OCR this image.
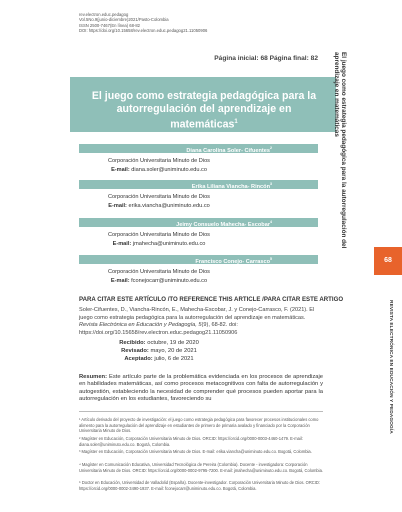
rev.electron.educ.pedagog
Vol.5No.9(junio-diciembre)2021/Pasto-Colombia
ISSN 2500-7467(En línea) 68-82
DOI: https://doi.org/10.15658/rev.electron.educ.pedagog21.11050906
Página inicial: 68 Página final: 82
El juego como estrategia pedagógica para la autorregulación del aprendizaje en matemáticas$^1$
Diana Carolina Soler- Cifuentes$^2$
Corporación Universitaria Minuto de Dios
E-mail: diana.soler@uniminuto.edu.co
Erika Liliana Viancha- Rincón$^3$
Corporación Universitaria Minuto de Dios
E-mail: erika.viancha@uniminuto.edu.co
Jeimy Consuelo Mahecha- Escobar$^4$
Corporación Universitaria Minuto de Dios
E-mail: jmahecha@uniminuto.edu.co
Francisco Conejo- Carrasco$^5$
Corporación Universitaria Minuto de Dios
E-mail: fconejocarr@uniminuto.edu.co
PARA CITAR ESTE ARTÍCULO /TO REFERENCE THIS ARTICLE /PARA CITAR ESTE ARTIGO
Soler-Cifuentes, D., Viancha-Rincón, E., Mahecha-Escobar, J. y Conejo-Carrasco, F. (2021). El juego como estrategia pedagógica para la autorregulación del aprendizaje en matemáticas. Revista Electrónica en Educación y Pedagogía, 5(9), 68-82. doi: https://doi.org/10.15658/rev.electron.educ.pedagog21.11050906
Recibido: octubre, 19 de 2020
Revisado: mayo, 20 de 2021
Aceptado: julio, 6 de 2021
Resumen: Este artículo parte de la problemática evidenciada en los procesos de aprendizaje en habilidades matemáticas, así como procesos metacognitivos con falta de autorregulación y autogestión, estableciendo la necesidad de comprender qué procesos pueden aportar para la autorregulación en los estudiantes, favoreciendo su
¹ Artículo derivado del proyecto de investigación: el juego como estrategia pedagógica para favorecer procesos institucionales como alimento para la autorregulación del aprendizaje en estudiantes de primero de primaria avalado y financiado por la Corporación Universitaria Minuto de Dios.
² Magíster en Educación, Corporación Universitaria Minuto de Dios. ORCID: https://orcid.org/0000-0003-4460-1479. E-mail: diana.soler@uniminuto.edu.co. Bogotá, Colombia.
³ Magíster en Educación, Corporación Universitaria Minuto de Dios. E-mail: erika.viancha@uniminuto.edu.co. Bogotá, Colombia.
⁴ Magíster en Comunicación Educativa, Universidad Tecnológica de Pereira (Colombia). Docente - investigadora: Corporación Universitaria Minuto de Dios. ORCID: https://orcid.org/0000-0002-9795-7200. E-mail: jmahecha@uniminuto.edu.co. Bogotá, Colombia.
⁵ Doctor en Educación, Universidad de Valladolid (España). Docente-investigador. Corporación Universitaria Minuto de Dios. ORCID: https://orcid.org/0000-0002-3490-1937. E-mail: fconejocarr@uniminuto.edu.co. Bogotá, Colombia.
El juego como estrategia pedagógica para la autorregulación del aprendizaje en matemáticas
68
REVISTA ELECTRÓNICA EN EDUCACIÓN Y PEDAGOGÍA
